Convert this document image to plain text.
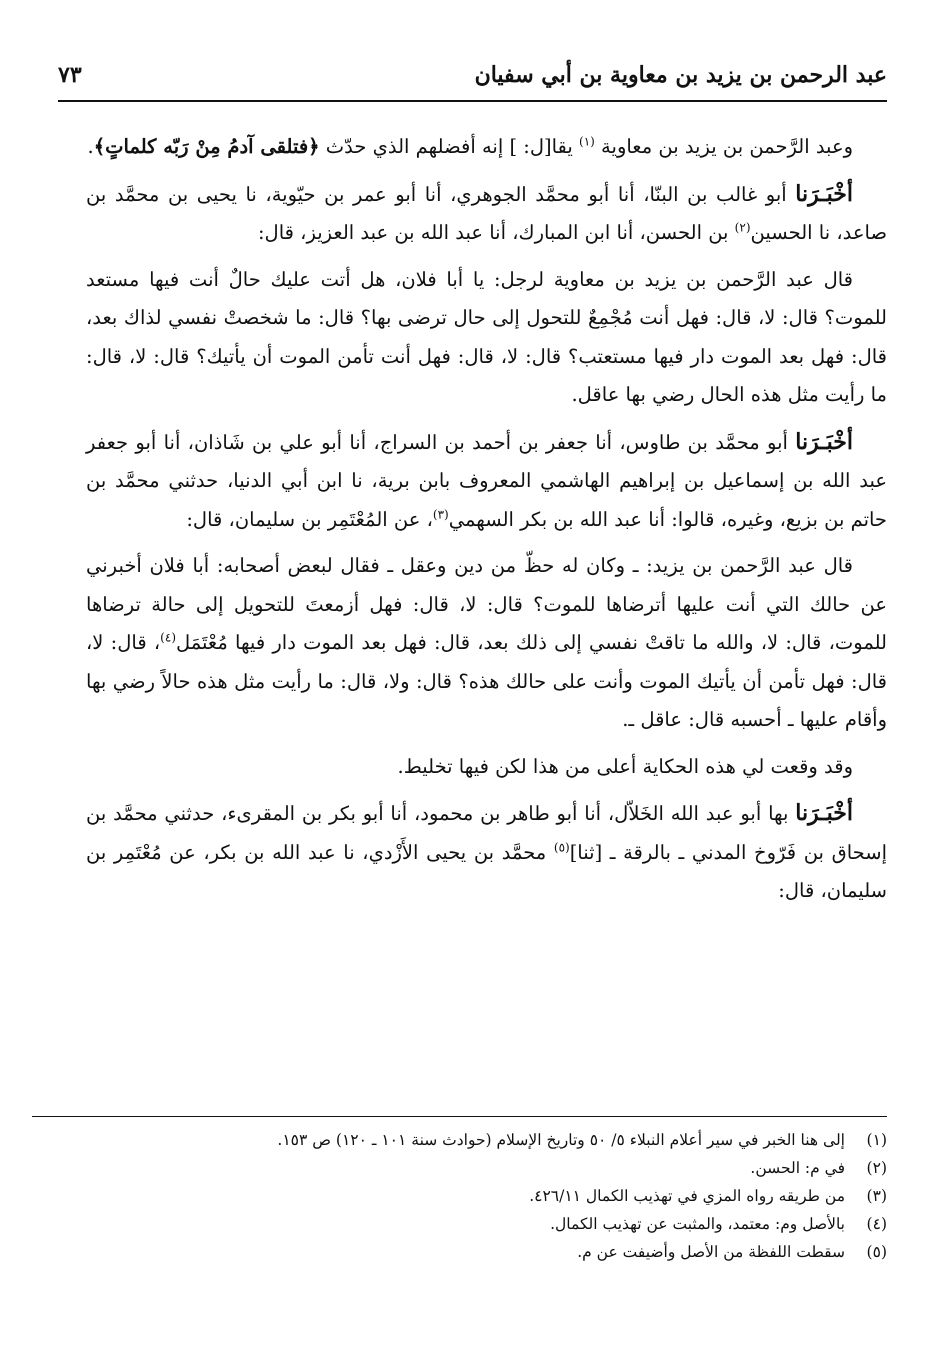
عبد الرحمن بن يزيد بن معاوية بن أبي سفيان
٧٣
وعبد الرَّحمن بن يزيد بن معاوية $^{(١)}$ يقا[ل: ] إنه أفضلهم الذي حدّث ﴿فتلقى آدمُ مِنْ رَبّه كلماتٍ﴾.
أخْبَـرَنا أبو غالب بن البنّا، أنا أبو محمَّد الجوهري، أنا أبو عمر بن حيّوية، نا يحيى بن محمَّد بن صاعد، نا الحسين$^{(٢)}$ بن الحسن، أنا ابن المبارك، أنا عبد الله بن عبد العزيز، قال:
قال عبد الرَّحمن بن يزيد بن معاوية لرجل: يا أبا فلان، هل أتت عليك حالٌ أنت فيها مستعد للموت؟ قال: لا، قال: فهل أنت مُجْمِعٌ للتحول إلى حال ترضى بها؟ قال: ما شخصتْ نفسي لذاك بعد، قال: فهل بعد الموت دار فيها مستعتب؟ قال: لا، قال: فهل أنت تأمن الموت أن يأتيك؟ قال: لا، قال: ما رأيت مثل هذه الحال رضي بها عاقل.
أخْبَـرَنا أبو محمَّد بن طاوس، أنا جعفر بن أحمد بن السراج، أنا أبو علي بن شَاذان، أنا أبو جعفر عبد الله بن إسماعيل بن إبراهيم الهاشمي المعروف بابن برية، نا ابن أبي الدنيا، حدثني محمَّد بن حاتم بن بزيع، وغيره، قالوا: أنا عبد الله بن بكر السهمي$^{(٣)}$، عن المُعْتَمِر بن سليمان، قال:
قال عبد الرَّحمن بن يزيد: ـ وكان له حظّ من دين وعقل ـ فقال لبعض أصحابه: أبا فلان أخبرني عن حالك التي أنت عليها أترضاها للموت؟ قال: لا، قال: فهل أزمعتَ للتحويل إلى حالة ترضاها للموت، قال: لا، والله ما تاقتْ نفسي إلى ذلك بعد، قال: فهل بعد الموت دار فيها مُعْتَمَل$^{(٤)}$، قال: لا، قال: فهل تأمن أن يأتيك الموت وأنت على حالك هذه؟ قال: ولا، قال: ما رأيت مثل هذه حالاً رضي بها وأقام عليها ـ أحسبه قال: عاقل ـ.
وقد وقعت لي هذه الحكاية أعلى من هذا لكن فيها تخليط.
أخْبَـرَنا بها أبو عبد الله الخَلاّل، أنا أبو طاهر بن محمود، أنا أبو بكر بن المقرىء، حدثني محمَّد بن إسحاق بن فَرّوخ المدني ـ بالرقة ـ [ثنا]$^{(٥)}$ محمَّد بن يحيى الأَزْدي، نا عبد الله بن بكر، عن مُعْتَمِر بن سليمان، قال:
(١)
إلى هنا الخبر في سير أعلام النبلاء ٥/ ٥٠ وتاريخ الإسلام (حوادث سنة ١٠١ ـ ١٢٠) ص ١٥٣.
(٢)
في م: الحسن.
(٣)
من طريقه رواه المزي في تهذيب الكمال ٤٢٦/١١.
(٤)
بالأصل وم: معتمد، والمثبت عن تهذيب الكمال.
(٥)
سقطت اللفظة من الأصل وأضيفت عن م.
